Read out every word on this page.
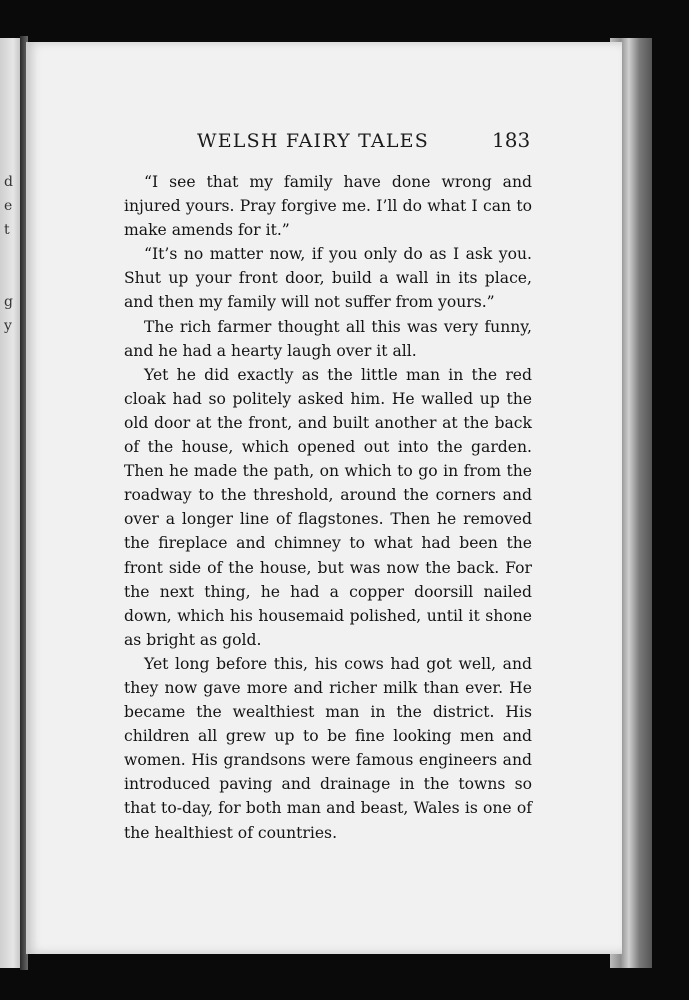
d
e
t
g
y
WELSH FAIRY TALES	183

“I see that my family have done wrong and injured yours. Pray forgive me. I’ll do what I can to make amends for it.”

“It’s no matter now, if you only do as I ask you. Shut up your front door, build a wall in its place, and then my family will not suffer from yours.”

The rich farmer thought all this was very funny, and he had a hearty laugh over it all.

Yet he did exactly as the little man in the red cloak had so politely asked him. He walled up the old door at the front, and built another at the back of the house, which opened out into the garden. Then he made the path, on which to go in from the roadway to the threshold, around the corners and over a longer line of flagstones. Then he removed the fireplace and chimney to what had been the front side of the house, but was now the back. For the next thing, he had a copper doorsill nailed down, which his housemaid polished, until it shone as bright as gold.

Yet long before this, his cows had got well, and they now gave more and richer milk than ever. He became the wealthiest man in the district. His children all grew up to be fine looking men and women. His grandsons were famous engineers and introduced paving and drainage in the towns so that to-day, for both man and beast, Wales is one of the healthiest of countries.
